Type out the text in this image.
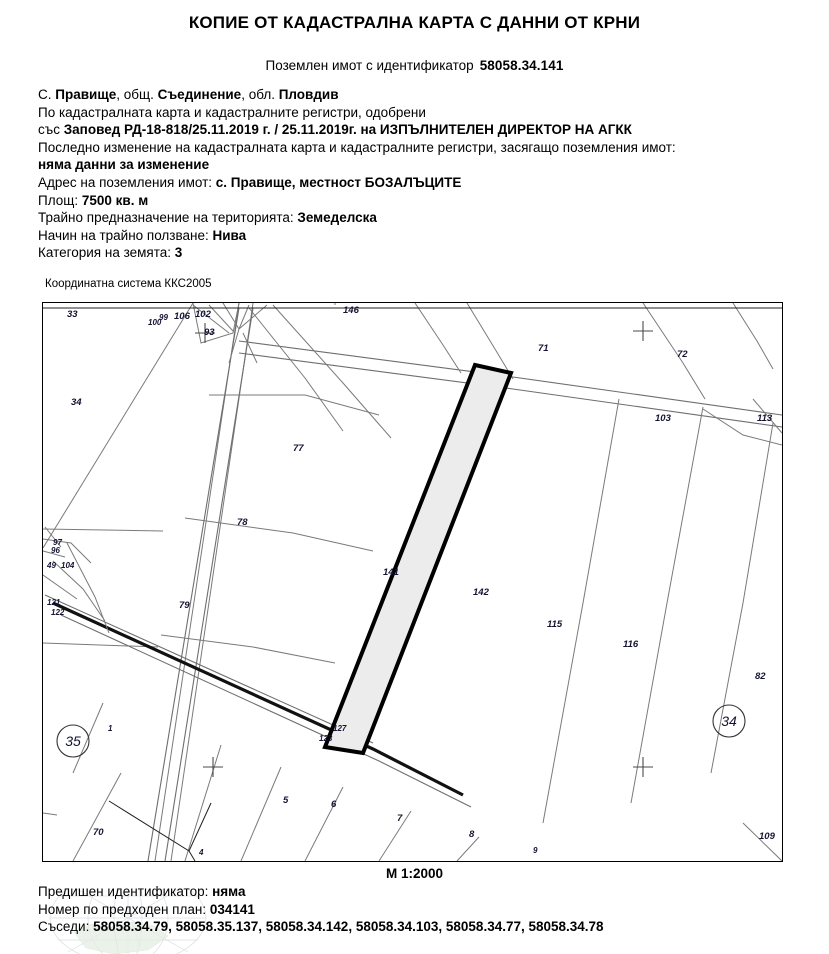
КОПИЕ ОТ КАДАСТРАЛНА КАРТА С ДАННИ ОТ КРНИ
Поземлен имот с идентификатор 58058.34.141
С. Правище, общ. Съединение, обл. Пловдив
По кадастралната карта и кадастралните регистри, одобрени
със Заповед РД-18-818/25.11.2019 г. / 25.11.2019г. на ИЗПЪЛНИТЕЛЕН ДИРЕКТОР НА АГКК
Последно изменение на кадастралната карта и кадастралните регистри, засягащо поземления имот:
няма данни за изменение
Адрес на поземления имот: с. Правище, местност БОЗАЛЪЦИТЕ
Площ: 7500 кв. м
Трайно предназначение на територията: Земеделска
Начин на трайно ползване: Нива
Категория на земята: 3
Координатна система ККС2005
35
34
33	146
106
100
99	102
93
34
71
72
103	113
77
78
79
141
142
115
116
82
109
1
70
4
5	6
7
8
9
97
96
49 104
121
122
127
123
М 1:2000
Предишен идентификатор: няма
Номер по предходен план: 034141
Съседи: 58058.34.79, 58058.35.137, 58058.34.142, 58058.34.103, 58058.34.77, 58058.34.78
